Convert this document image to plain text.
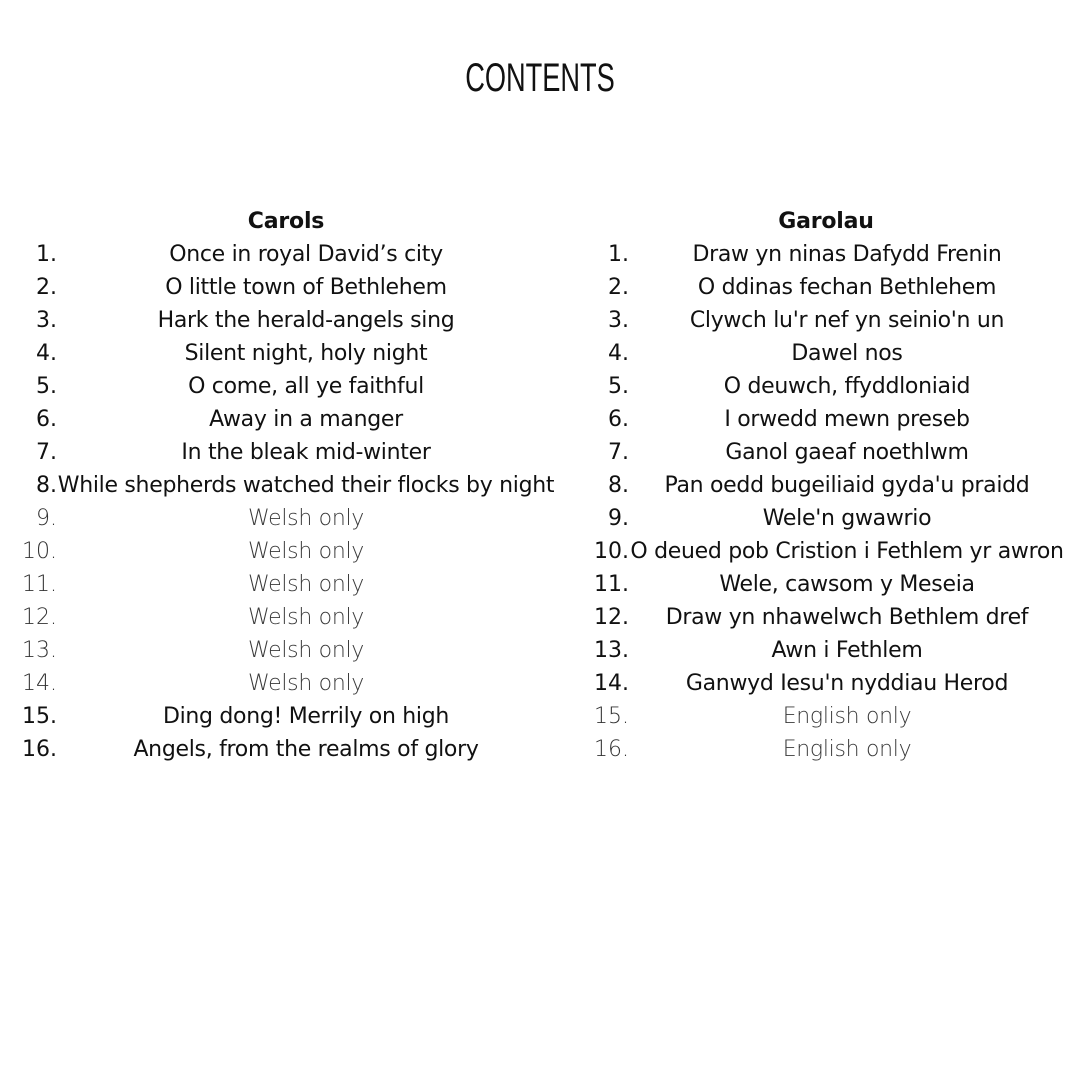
CONTENTS
Carols
1.	Once in royal David’s city
2.	O little town of Bethlehem
3.	Hark the herald-angels sing
4.	Silent night, holy night
5.	O come, all ye faithful
6.	Away in a manger
7.	In the bleak mid-winter
8. While shepherds watched their flocks by night
9.	Welsh only
10.	Welsh only
11.	Welsh only
12.	Welsh only
13.	Welsh only
14.	Welsh only
15.	Ding dong! Merrily on high
16.	Angels, from the realms of glory
Garolau
1.	Draw yn ninas Dafydd Frenin
2.	O ddinas fechan Bethlehem
3.	Clywch lu'r nef yn seinio'n un
4.	Dawel nos
5.	O deuwch, ffyddloniaid
6.	I orwedd mewn preseb
7.	Ganol gaeaf noethlwm
8.	Pan oedd bugeiliaid gyda'u praidd
9.	Wele'n gwawrio
10. O deued pob Cristion i Fethlem yr awron
11.	Wele, cawsom y Meseia
12.	Draw yn nhawelwch Bethlem dref
13.	Awn i Fethlem
14.	Ganwyd Iesu'n nyddiau Herod
15.	English only
16.	English only
